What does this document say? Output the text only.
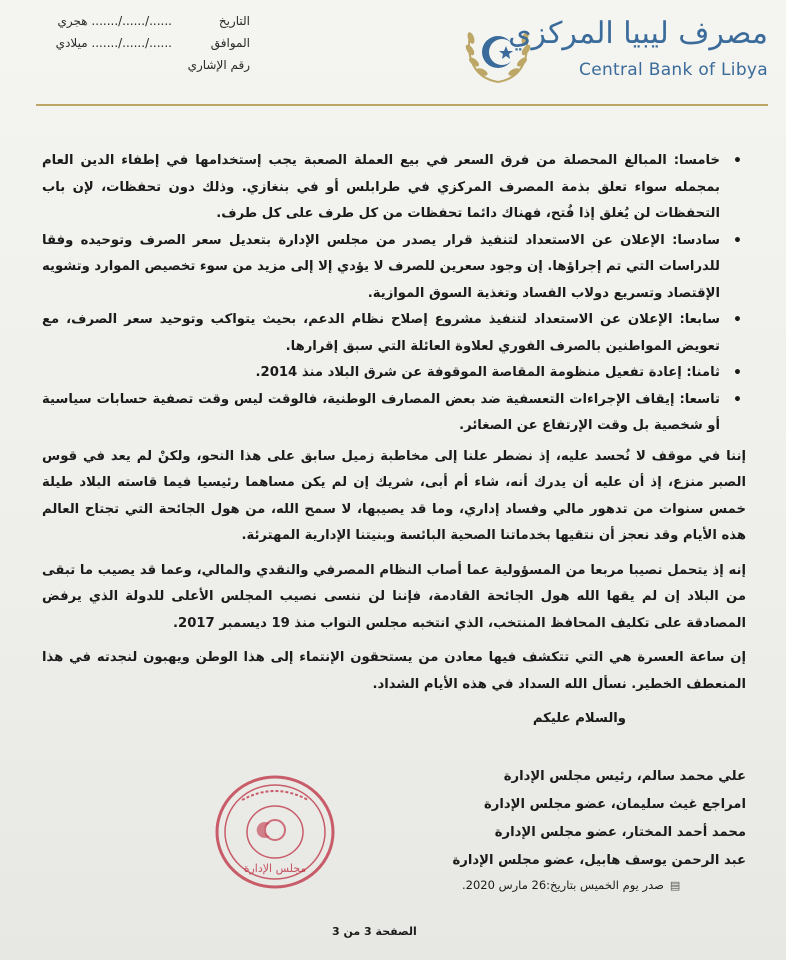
مصرف ليبيا المركزي
Central Bank of Libya
التاريخ....../....../....... هجري
الموافق....../....../....... ميلادي
رقم الإشاري
• خامسا: المبالغ المحصلة من فرق السعر في بيع العملة الصعبة يجب إستخدامها في إطفاء الدين العام بمجمله سواء تعلق بذمة المصرف المركزي في طرابلس أو في بنغازي. وذلك دون تحفظات، لإن باب التحفظات لن يُغلق إذا فُتح، فهناك دائما تحفظات من كل طرف على كل طرف.
• سادسا: الإعلان عن الاستعداد لتنفيذ قرار يصدر من مجلس الإدارة بتعديل سعر الصرف وتوحيده وفقا للدراسات التي تم إجراؤها. إن وجود سعرين للصرف لا يؤدي إلا إلى مزيد من سوء تخصيص الموارد وتشويه الإقتصاد وتسريع دولاب الفساد وتغذية السوق الموازية.
• سابعا: الإعلان عن الاستعداد لتنفيذ مشروع إصلاح نظام الدعم، بحيث يتواكب وتوحيد سعر الصرف، مع تعويض المواطنين بالصرف الفوري لعلاوة العائلة التي سبق إقرارها.
• ثامنا: إعادة تفعيل منظومة المقاصة الموقوفة عن شرق البلاد منذ 2014.
• تاسعا: إيقاف الإجراءات التعسفية ضد بعض المصارف الوطنية، فالوقت ليس وقت تصفية حسابات سياسية أو شخصية بل وقت الإرتفاع عن الصغائر.

إننا في موقف لا نُحسد عليه، إذ نضطر علنا إلى مخاطبة زميل سابق على هذا النحو، ولكنْ لم يعد في قوس الصبر منزع، إذ أن عليه أن يدرك أنه، شاء أم أبى، شريك إن لم يكن مساهما رئيسيا فيما قاسته البلاد طيلة خمس سنوات من تدهور مالي وفساد إداري، وما قد يصيبها، لا سمح الله، من هول الجائحة التي تجتاح العالم هذه الأيام وقد نعجز أن نتقيها بخدماتنا الصحية البائسة وبنيتنا الإدارية المهترئة.

إنه إذ يتحمل نصيبا مربعا من المسؤولية عما أصاب النظام المصرفي والنقدي والمالي، وعما قد يصيب ما تبقى من البلاد إن لم يقها الله هول الجائحة القادمة، فإننا لن ننسى نصيب المجلس الأعلى للدولة الذي يرفض المصادقة على تكليف المحافظ المنتخب، الذي انتخبه مجلس النواب منذ 19 ديسمبر 2017.

إن ساعة العسرة هي التي تتكشف فيها معادن من يستحقون الإنتماء إلى هذا الوطن ويهبون لنجدته في هذا المنعطف الخطير. نسأل الله السداد في هذه الأيام الشداد.

والسلام عليكم
علي محمد سالم، رئيس مجلس الإدارة
امراجع غيث سليمان، عضو مجلس الإدارة
محمد أحمد المختار، عضو مجلس الإدارة
عبد الرحمن يوسف هابيل، عضو مجلس الإدارة
مجلس الإدارة
▤صدر يوم الخميس بتاريخ:26 مارس 2020.
الصفحة 3 من 3
